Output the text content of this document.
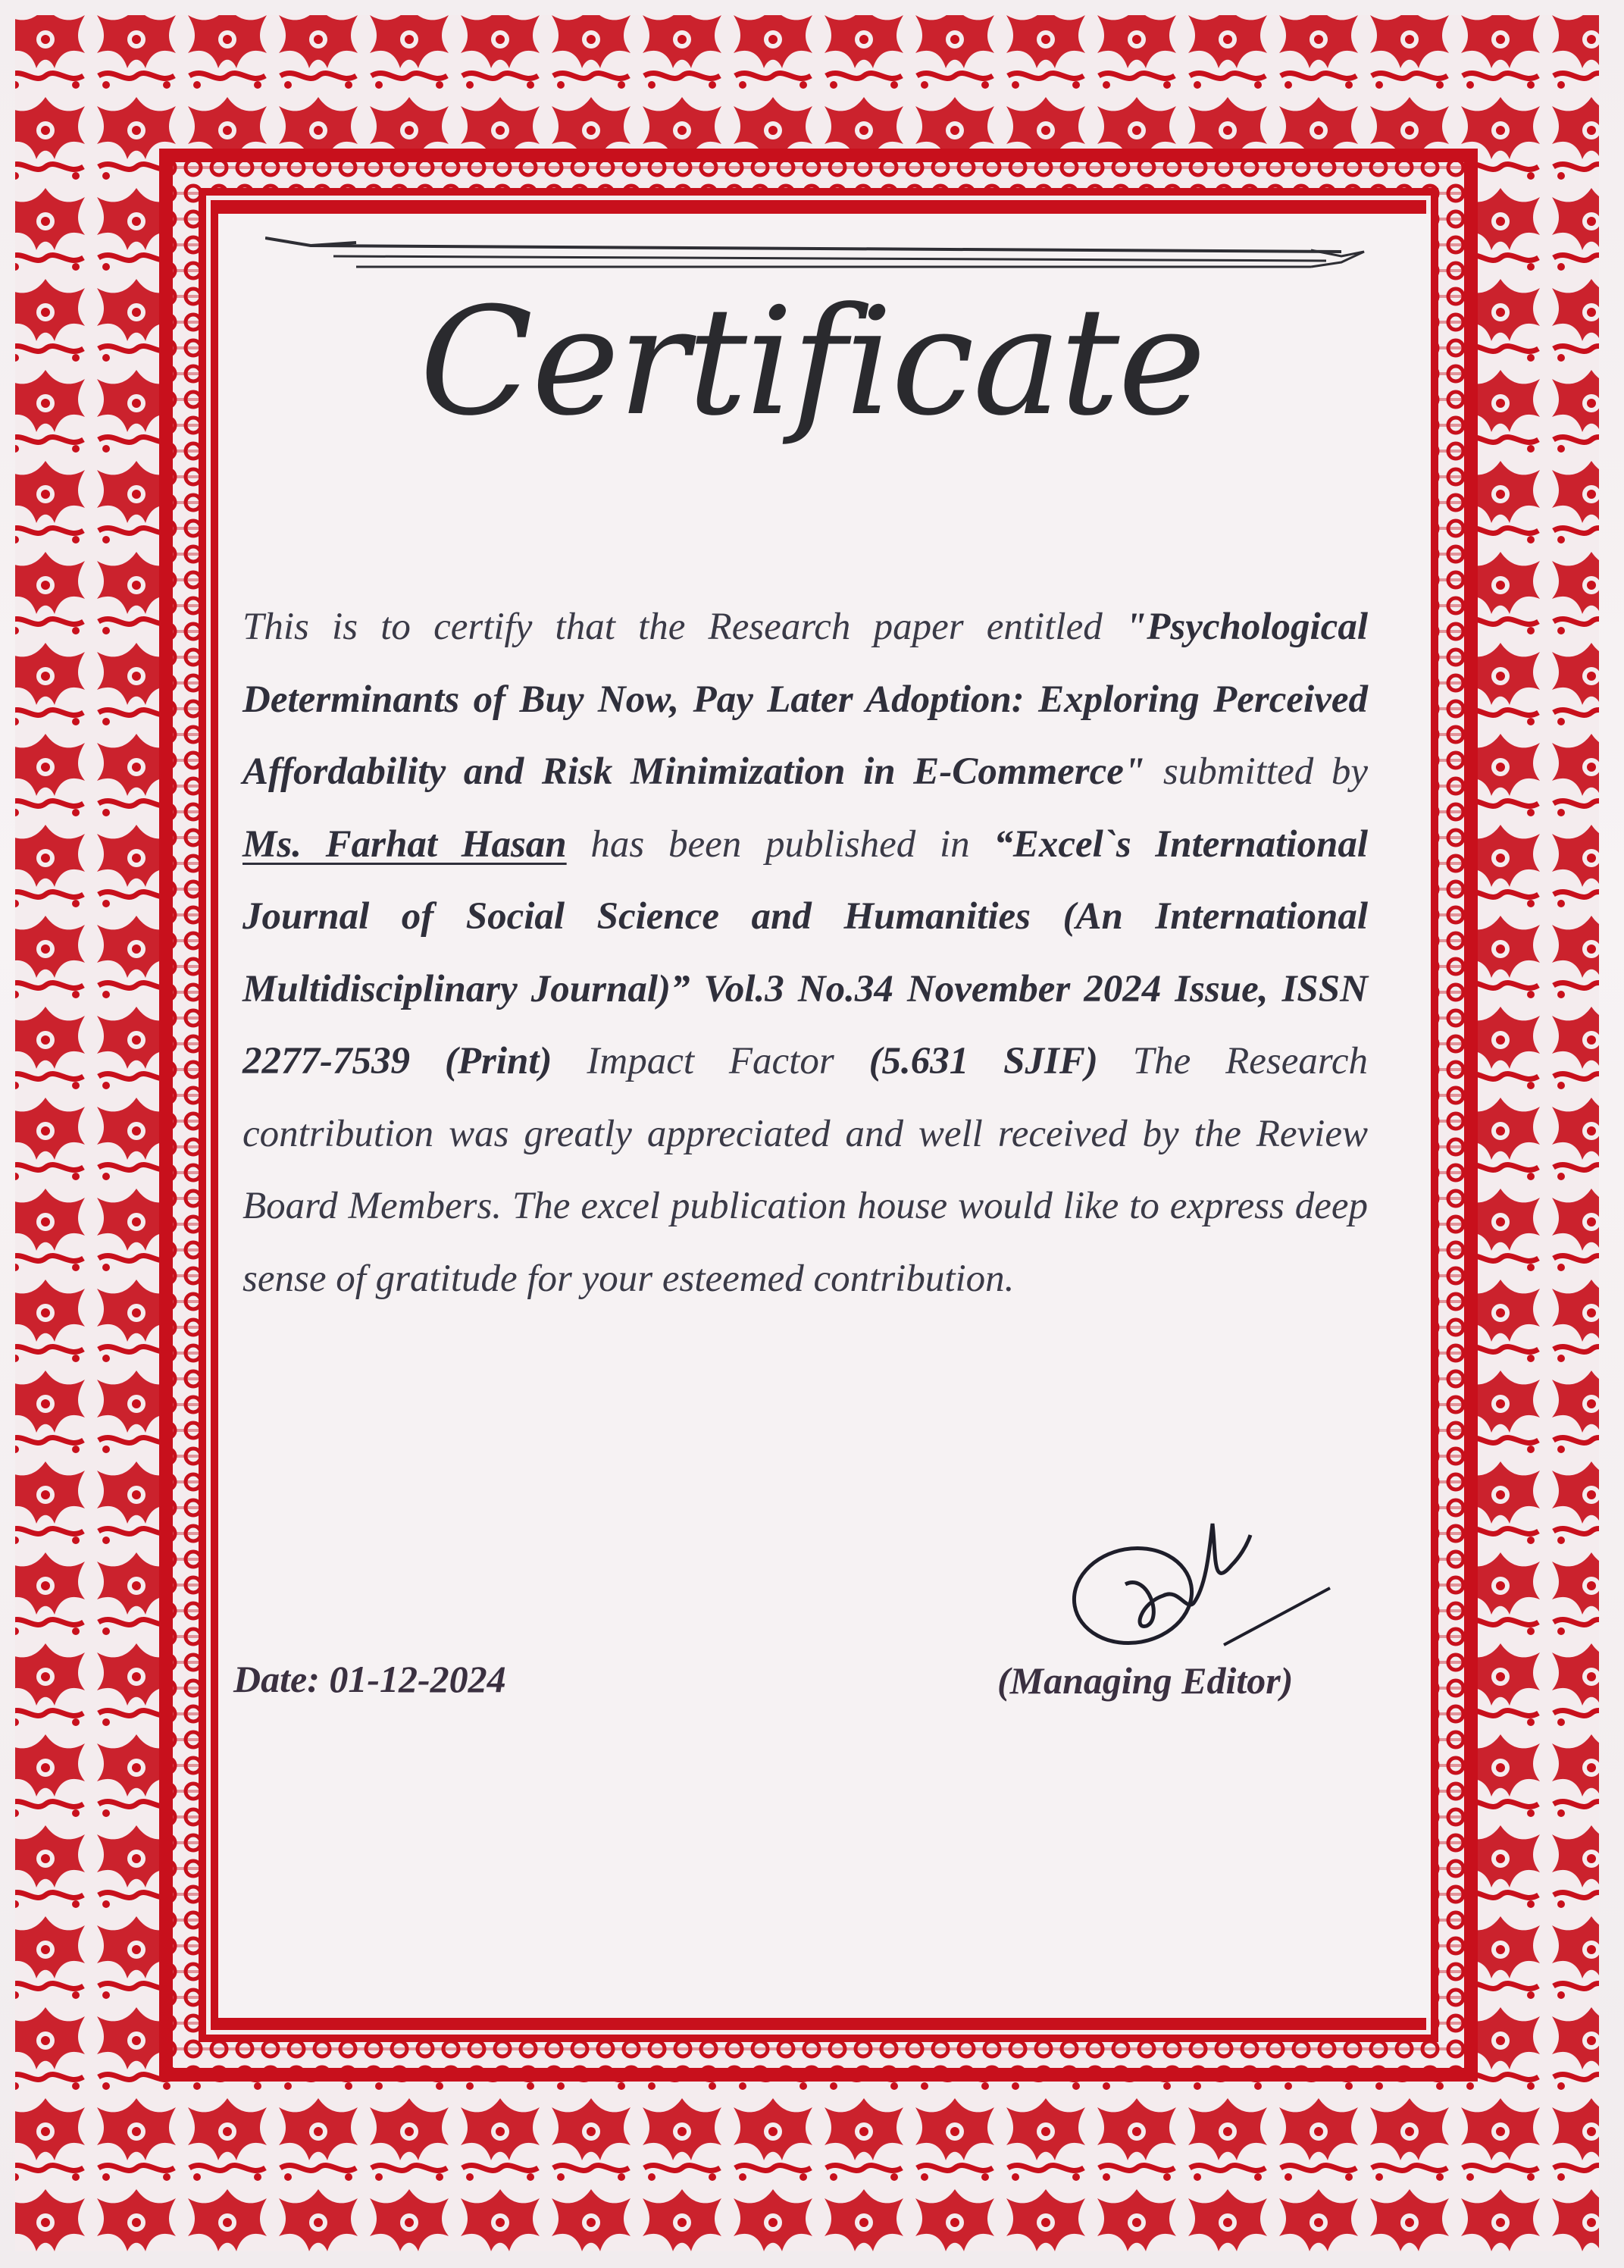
Certificate
This is to certify that the Research paper entitled "Psychological Determinants of Buy Now, Pay Later Adoption: Exploring Perceived Affordability and Risk Minimization in E-Commerce" submitted by Ms. Farhat Hasan has been published in “Excel`s International Journal of Social Science and Humanities (An International Multidisciplinary Journal)” Vol.3 No.34 November 2024 Issue, ISSN 2277-7539 (Print) Impact Factor (5.631 SJIF) The Research contribution was greatly appreciated and well received by the Review Board Members. The excel publication house would like to express deep sense of gratitude for your esteemed contribution.
Date: 01-12-2024	(Managing Editor)
